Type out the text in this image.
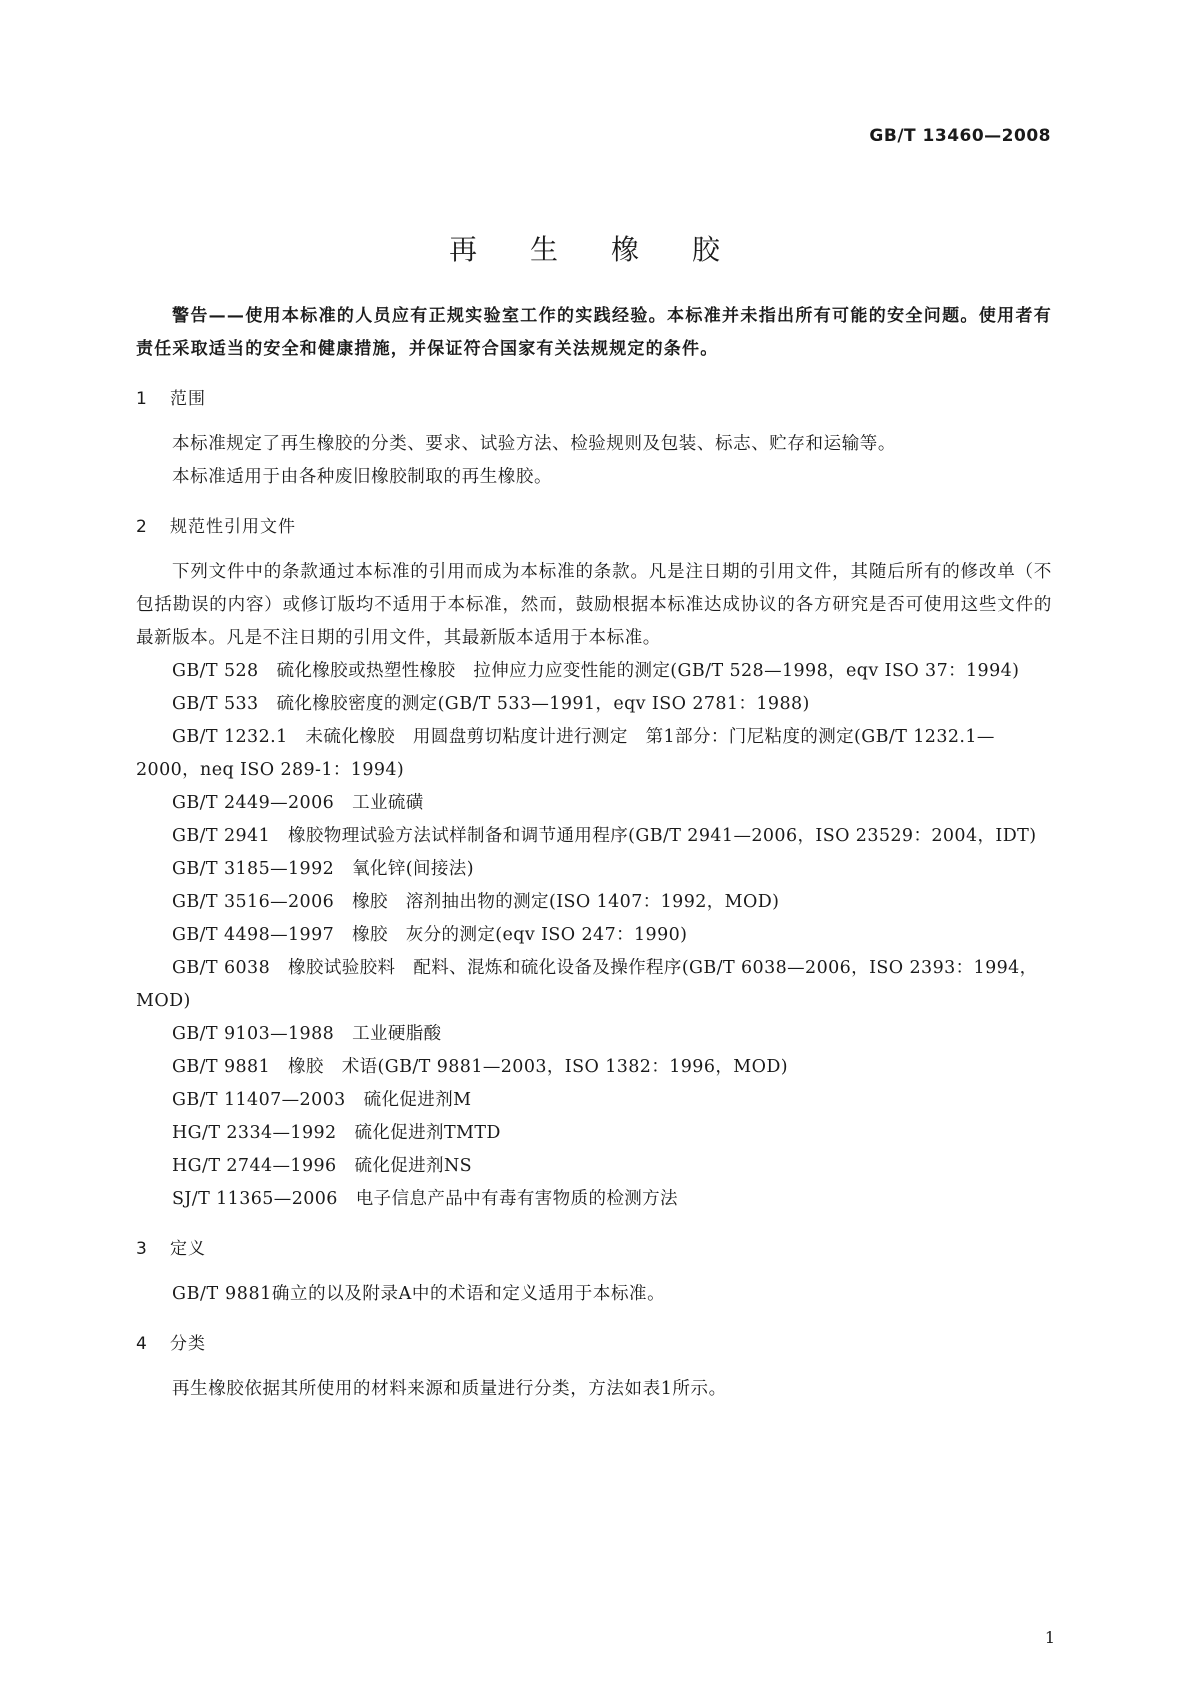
GB/T 13460—2008
再 生 橡 胶

警告——使用本标准的人员应有正规实验室工作的实践经验。本标准并未指出所有可能的安全问题。使用者有责任采取适当的安全和健康措施，并保证符合国家有关法规规定的条件。

1 范围

本标准规定了再生橡胶的分类、要求、试验方法、检验规则及包装、标志、贮存和运输等。

本标准适用于由各种废旧橡胶制取的再生橡胶。

2 规范性引用文件

下列文件中的条款通过本标准的引用而成为本标准的条款。凡是注日期的引用文件，其随后所有的修改单（不包括勘误的内容）或修订版均不适用于本标准，然而，鼓励根据本标准达成协议的各方研究是否可使用这些文件的最新版本。凡是不注日期的引用文件，其最新版本适用于本标准。

GB/T 528　 硫化橡胶或热塑性橡胶　拉伸应力应变性能的测定(GB/T 528—1998，eqv ISO 37：1994)

GB/T 533　 硫化橡胶密度的测定(GB/T 533—1991，eqv ISO 2781：1988)

GB/T 1232.1　 未硫化橡胶　用圆盘剪切粘度计进行测定　第1部分：门尼粘度的测定(GB/T 1232.1—2000，neq ISO 289-1：1994)

GB/T 2449—2006　 工业硫磺

GB/T 2941　 橡胶物理试验方法试样制备和调节通用程序(GB/T 2941—2006，ISO 23529：2004，IDT)

GB/T 3185—1992　 氧化锌(间接法)

GB/T 3516—2006　 橡胶　溶剂抽出物的测定(ISO 1407：1992，MOD)

GB/T 4498—1997　 橡胶　灰分的测定(eqv ISO 247：1990)

GB/T 6038　 橡胶试验胶料　配料、混炼和硫化设备及操作程序(GB/T 6038—2006，ISO 2393：1994，MOD)

GB/T 9103—1988　 工业硬脂酸

GB/T 9881　 橡胶　术语(GB/T 9881—2003，ISO 1382：1996，MOD)

GB/T 11407—2003　 硫化促进剂M

HG/T 2334—1992　 硫化促进剂TMTD

HG/T 2744—1996　 硫化促进剂NS

SJ/T 11365—2006　 电子信息产品中有毒有害物质的检测方法

3 定义

GB/T 9881确立的以及附录A中的术语和定义适用于本标准。

4 分类

再生橡胶依据其所使用的材料来源和质量进行分类，方法如表1所示。

1
